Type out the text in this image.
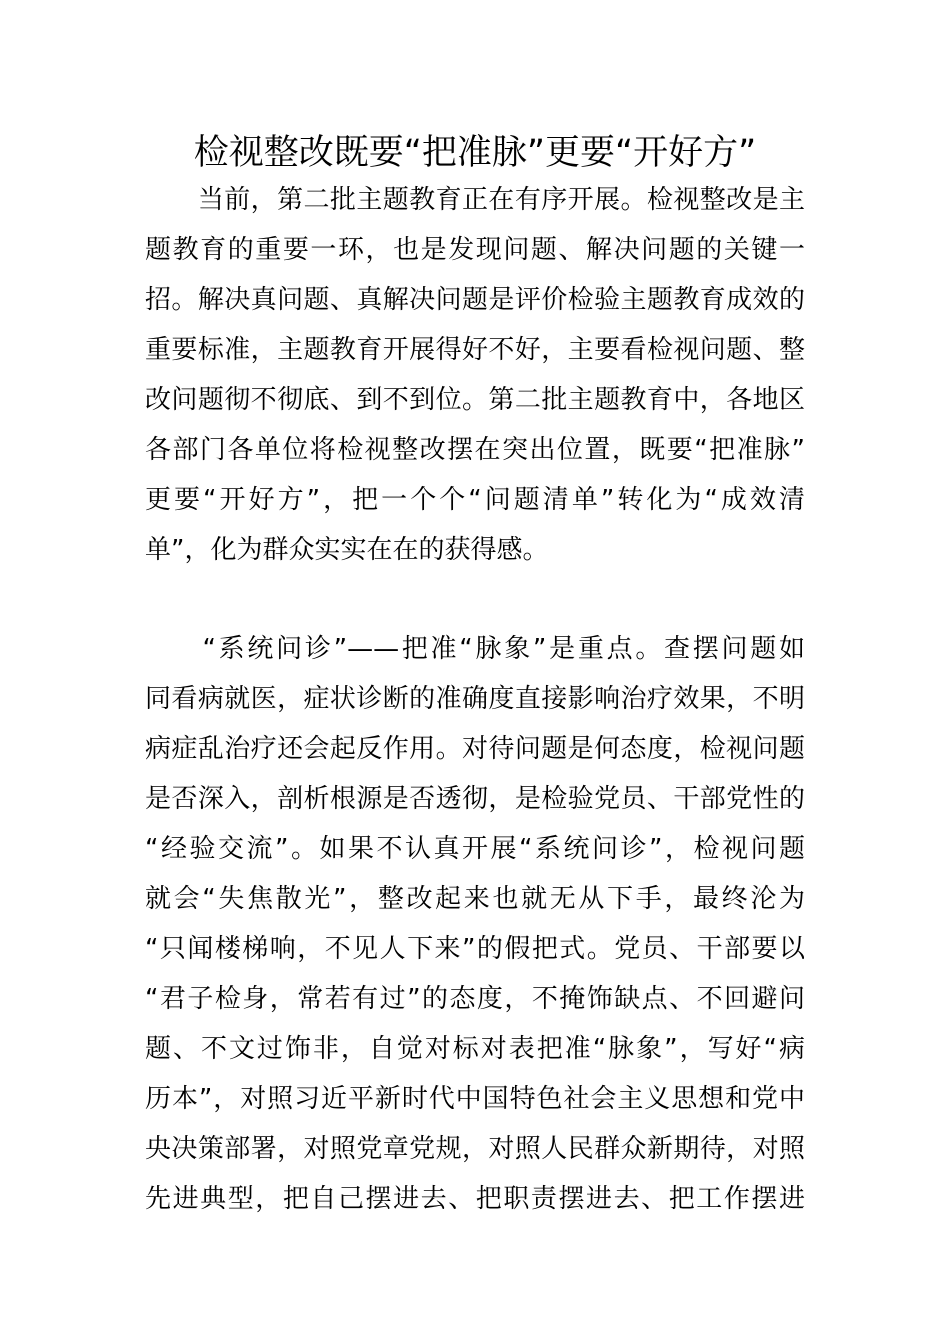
检视整改既要“把准脉”更要“开好方”
　　当前，第二批主题教育正在有序开展。检视整改是主
题教育的重要一环，也是发现问题、解决问题的关键一
招。解决真问题、真解决问题是评价检验主题教育成效的
重要标准，主题教育开展得好不好，主要看检视问题、整
改问题彻不彻底、到不到位。第二批主题教育中，各地区
各部门各单位将检视整改摆在突出位置，既要“把准脉”
更要“开好方”，把一个个“问题清单”转化为“成效清
单”，化为群众实实在在的获得感。
　　“系统问诊”——把准“脉象”是重点。查摆问题如
同看病就医，症状诊断的准确度直接影响治疗效果，不明
病症乱治疗还会起反作用。对待问题是何态度，检视问题
是否深入，剖析根源是否透彻，是检验党员、干部党性的
“经验交流”。如果不认真开展“系统问诊”，检视问题
就会“失焦散光”，整改起来也就无从下手，最终沦为
“只闻楼梯响，不见人下来”的假把式。党员、干部要以
“君子检身，常若有过”的态度，不掩饰缺点、不回避问
题、不文过饰非，自觉对标对表把准“脉象”，写好“病
历本”，对照习近平新时代中国特色社会主义思想和党中
央决策部署，对照党章党规，对照人民群众新期待，对照
先进典型，把自己摆进去、把职责摆进去、把工作摆进
